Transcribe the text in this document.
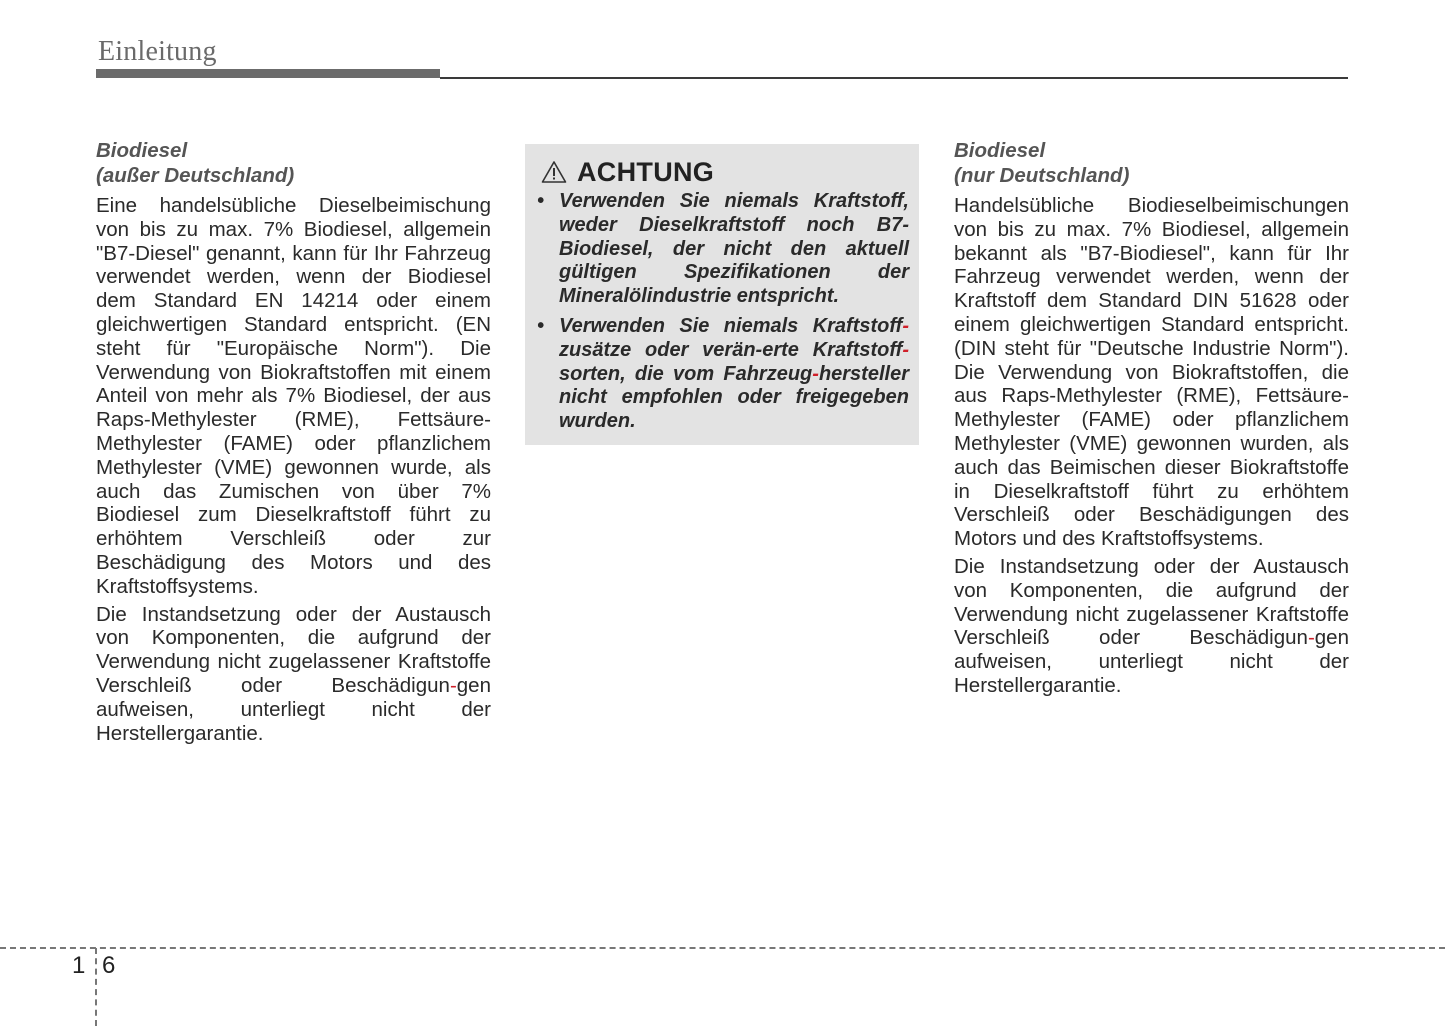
Einleitung
Biodiesel
(außer Deutschland)

Eine handelsübliche Dieselbeimischung von bis zu max. 7% Biodiesel, allgemein "B7-Diesel" genannt, kann für Ihr Fahrzeug verwendet werden, wenn der Biodiesel dem Standard EN 14214 oder einem gleichwertigen Standard entspricht. (EN steht für "Europäische Norm"). Die Verwendung von Biokraftstoffen mit einem Anteil von mehr als 7% Biodiesel, der aus Raps-Methylester (RME), Fettsäure-Methylester (FAME) oder pflanzlichem Methylester (VME) gewonnen wurde, als auch das Zumischen von über 7% Biodiesel zum Dieselkraftstoff führt zu erhöhtem Verschleiß oder zur Beschädigung des Motors und des Kraftstoffsystems.

Die Instandsetzung oder der Austausch von Komponenten, die aufgrund der Verwendung nicht zugelassener Kraftstoffe Verschleiß oder Beschädigun-gen aufweisen, unterliegt nicht der Herstellergarantie.

ACHTUNG
• Verwenden Sie niemals Kraftstoff, weder Dieselkraftstoff noch B7-Biodiesel, der nicht den aktuell gültigen Spezifikationen der Mineralölindustrie entspricht.
• Verwenden Sie niemals Kraftstoff-zusätze oder verän-erte Kraftstoff-sorten, die vom Fahrzeug-hersteller nicht empfohlen oder freigegeben wurden.
Biodiesel
(nur Deutschland)

Handelsübliche Biodieselbeimischungen von bis zu max. 7% Biodiesel, allgemein bekannt als "B7-Biodiesel", kann für Ihr Fahrzeug verwendet werden, wenn der Kraftstoff dem Standard DIN 51628 oder einem gleichwertigen Standard entspricht. (DIN steht für "Deutsche Industrie Norm"). Die Verwendung von Biokraftstoffen, die aus Raps-Methylester (RME), Fettsäure-Methylester (FAME) oder pflanzlichem Methylester (VME) gewonnen wurden, als auch das Beimischen dieser Biokraftstoffe in Dieselkraftstoff führt zu erhöhtem Verschleiß oder Beschädigungen des Motors und des Kraftstoffsystems.

Die Instandsetzung oder der Austausch von Komponenten, die aufgrund der Verwendung nicht zugelassener Kraftstoffe Verschleiß oder Beschädigun-gen aufweisen, unterliegt nicht der Herstellergarantie.

1 6
